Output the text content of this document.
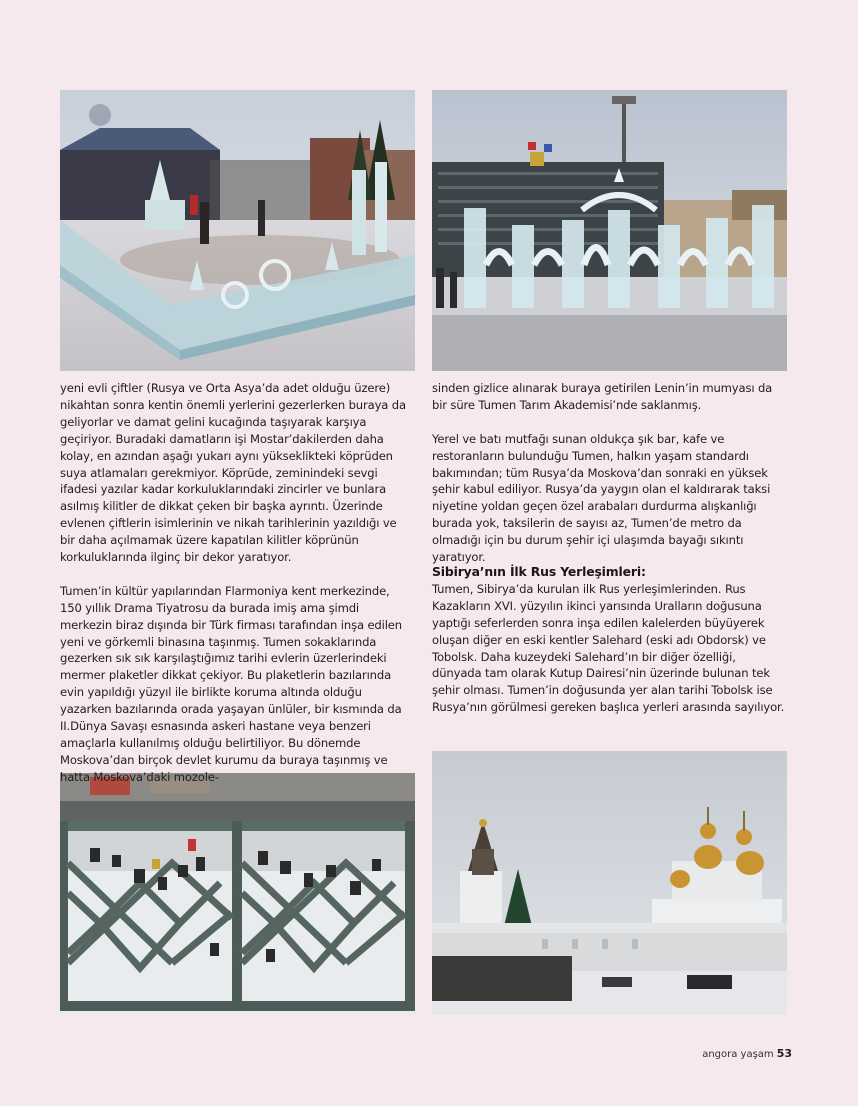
yeni evli çiftler (Rusya ve Orta Asya’da adet olduğu üzere) nikahtan sonra kentin önemli yerlerini gezerlerken buraya da geliyorlar ve damat gelini kucağında taşıyarak karşıya geçiriyor. Buradaki damatların işi Mostar’dakilerden daha kolay, en azından aşağı yukarı aynı yükseklikteki köprüden suya atlamaları gerekmiyor. Köprüde, zeminindeki sevgi ifadesi yazılar kadar korkuluklarındaki zincirler ve bunlara asılmış kilitler de dikkat çeken bir başka ayrıntı. Üzerinde evlenen çiftlerin isimlerinin ve nikah tarihlerinin yazıldığı ve bir daha açılmamak üzere kapatılan kilitler köprünün korkuluklarında ilginç bir dekor yaratıyor.

Tumen’in kültür yapılarından Flarmoniya kent merkezinde, 150 yıllık Drama Tiyatrosu da burada imiş ama şimdi merkezin biraz dışında bir Türk firması tarafından inşa edilen yeni ve görkemli binasına taşınmış. Tumen sokaklarında gezerken sık sık karşılaştığımız tarihi evlerin üzerlerindeki mermer plaketler dikkat çekiyor. Bu plaketlerin bazılarında evin yapıldığı yüzyıl ile birlikte koruma altında olduğu yazarken bazılarında orada yaşayan ünlüler, bir kısmında da II.Dünya Savaşı esnasında askeri hastane veya benzeri amaçlarla kullanılmış olduğu belirtiliyor. Bu dönemde Moskova’dan birçok devlet kurumu da buraya taşınmış ve hatta Moskova’daki mozole-

sinden gizlice alınarak buraya getirilen Lenin’in mumyası da bir süre Tumen Tarım Akademisi’nde saklanmış.

Yerel ve batı mutfağı sunan oldukça şık bar, kafe ve restoranların bulunduğu Tumen, halkın yaşam standardı bakımından; tüm Rusya’da Moskova’dan sonraki en yüksek şehir kabul ediliyor. Rusya’da yaygın olan el kaldırarak taksi niyetine yoldan geçen özel arabaları durdurma alışkanlığı burada yok, taksilerin de sayısı az, Tumen’de metro da olmadığı için bu durum şehir içi ulaşımda bayağı sıkıntı yaratıyor.

Sibirya’nın İlk Rus Yerleşimleri:

Tumen, Sibirya’da kurulan ilk Rus yerleşimlerinden. Rus Kazakların XVI. yüzyılın ikinci yarısında Uralların doğusuna yaptığı seferlerden sonra inşa edilen kalelerden büyüyerek oluşan diğer en eski kentler Salehard (eski adı Obdorsk) ve Tobolsk. Daha kuzeydeki Salehard’ın bir diğer özelliği, dünyada tam olarak Kutup Dairesi’nin üzerinde bulunan tek şehir olması. Tumen’in doğusunda yer alan tarihi Tobolsk ise Rusya’nın görülmesi gereken başlıca yerleri arasında sayılıyor.

angora yaşam 53
